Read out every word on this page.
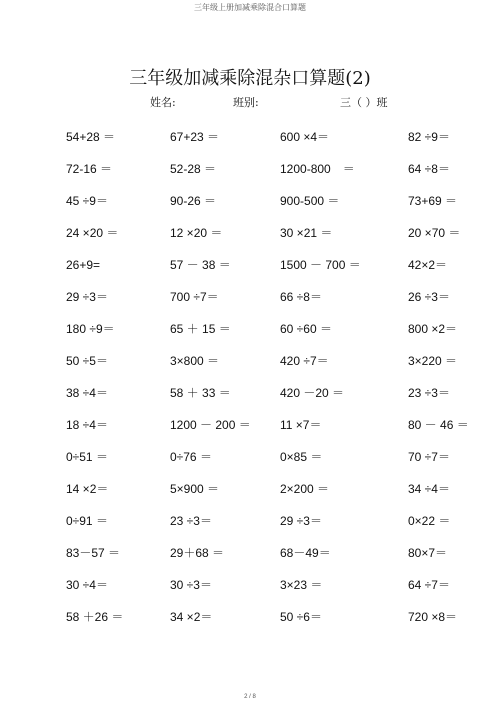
三年级上册加减乘除混合口算题
三年级加减乘除混杂口算题(2)
姓名:	班别:	三（ ）班
54+28 ＝	67+23 ＝	600 ×4＝	82 ÷9＝
72-16 ＝	52-28 ＝	1200-800　＝	64 ÷8＝
45 ÷9＝	90-26 ＝	900-500 ＝	73+69 ＝
24 ×20 ＝	12 ×20 ＝	30 ×21 ＝	20 ×70 ＝
26+9=	57 － 38 ＝	1500 － 700 ＝	42×2＝
29 ÷3＝	700 ÷7＝	66 ÷8＝	26 ÷3＝
180 ÷9＝	65 ＋ 15 ＝	60 ÷60 ＝	800 ×2＝
50 ÷5＝	3×800 ＝	420 ÷7＝	3×220 ＝
38 ÷4＝	58 ＋ 33 ＝	420 －20 ＝	23 ÷3＝
18 ÷4＝	1200 － 200 ＝ 11 ×7＝	80 － 46 ＝
0÷51 ＝	0÷76 ＝	0×85 ＝	70 ÷7＝
14 ×2＝	5×900 ＝	2×200 ＝	34 ÷4＝
0÷91 ＝	23 ÷3＝	29 ÷3＝	0×22 ＝
83－57 ＝	29＋68 ＝	68－49＝	80×7＝
30 ÷4＝	30 ÷3＝	3×23 ＝	64 ÷7＝
58 ＋26 ＝	34 ×2＝	50 ÷6＝	720 ×8＝
2 / 8
